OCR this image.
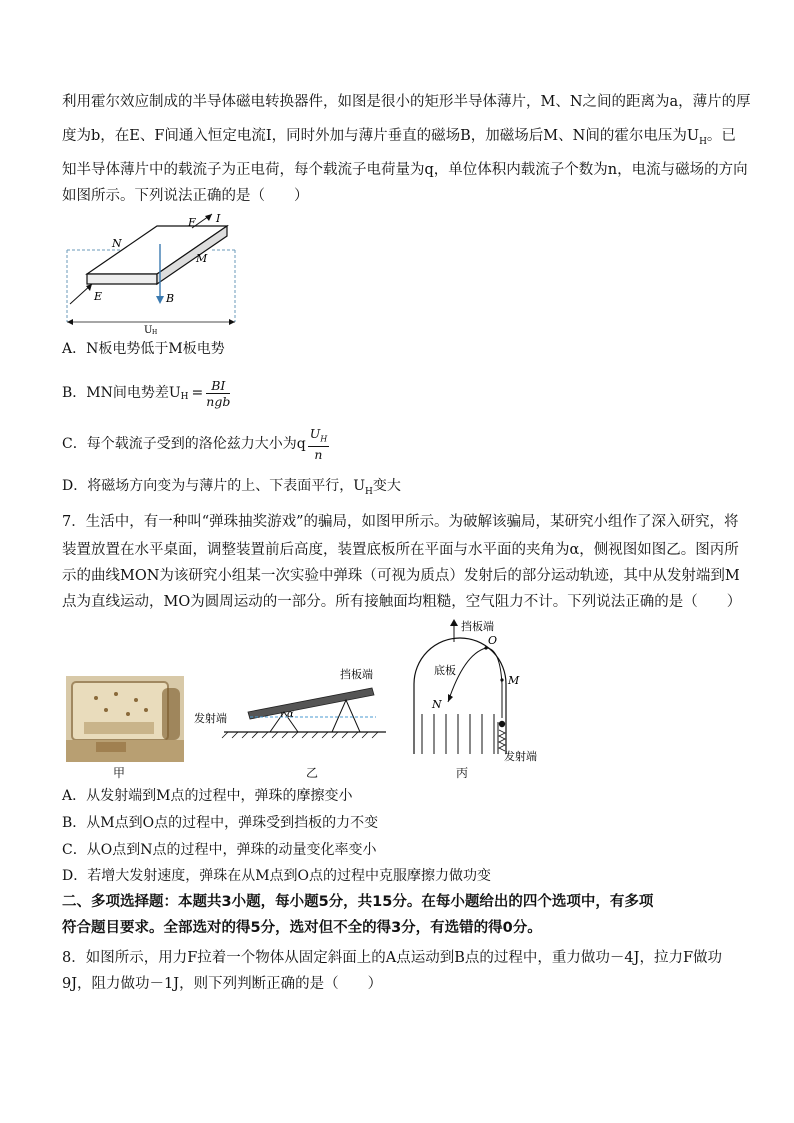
利用霍尔效应制成的半导体磁电转换器件，如图是很小的矩形半导体薄片，M、N之间的距离为a，薄片的厚
度为b，在E、F间通入恒定电流I，同时外加与薄片垂直的磁场B，加磁场后M、N间的霍尔电压为$U_H$。已
知半导体薄片中的载流子为正电荷，每个载流子电荷量为q，单位体积内载流子个数为n，电流与磁场的方向
如图所示。下列说法正确的是（　　）
N
M
E
F I
B
U H
A．N板电势低于M板电势
B．MN间电势差$U_H = \frac{BI}{\text{ngb}}$
C．每个载流子受到的洛伦兹力大小为q $\frac{U_H}{n}$
D．将磁场方向变为与薄片的上、下表面平行，$U_H$变大
7．生活中，有一种叫“弹珠抽奖游戏”的骗局，如图甲所示。为破解该骗局，某研究小组作了深入研究，将
装置放置在水平桌面，调整装置前后高度，装置底板所在平面与水平面的夹角为α，侧视图如图乙。图丙所
示的曲线MON为该研究小组某一次实验中弹珠（可视为质点）发射后的部分运动轨迹，其中从发射端到M
点为直线运动，MO为圆周运动的一部分。所有接触面均粗糙，空气阻力不计。下列说法正确的是（　　）
甲
α
发射端
挡板端
乙
挡板端
底板
O
M
N
发射端
丙
A．从发射端到M点的过程中，弹珠的摩擦变小
B．从M点到O点的过程中，弹珠受到挡板的力不变
C．从O点到N点的过程中，弹珠的动量变化率变小
D．若增大发射速度，弹珠在从M点到O点的过程中克服摩擦力做功变
二、多项选择题：本题共3小题，每小题5分，共15分。在每小题给出的四个选项中，有多项
符合题目要求。全部选对的得5分，选对但不全的得3分，有选错的得0分。
8．如图所示，用力F拉着一个物体从固定斜面上的A点运动到B点的过程中，重力做功－4J，拉力F做功
9J，阻力做功－1J，则下列判断正确的是（　　）
